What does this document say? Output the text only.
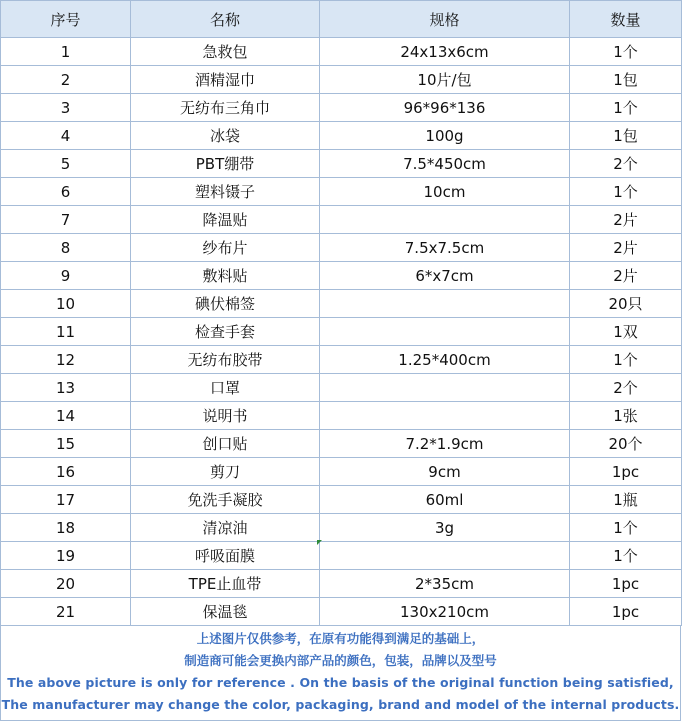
序号	名称	规格	数量
1	急救包	24x13x6cm	1个
2	酒精湿巾	10片/包	1包
3	无纺布三角巾	96*96*136	1个
4	冰袋	100g	1包
5	PBT绷带	7.5*450cm	2个
6	塑料镊子	10cm	1个
7	降温贴		2片
8	纱布片	7.5x7.5cm	2片
9	敷料贴	6*x7cm	2片
10	碘伏棉签		20只
11	检查手套		1双
12	无纺布胶带	1.25*400cm	1个
13	口罩		2个
14	说明书		1张
15	创口贴	7.2*1.9cm	20个
16	剪刀	9cm	1pc
17	免洗手凝胶	60ml	1瓶
18	清凉油	3g	1个
19	呼吸面膜		1个
20	TPE止血带	2*35cm	1pc
21	保温毯	130x210cm	1pc
上述图片仅供参考，在原有功能得到满足的基础上，
制造商可能会更换内部产品的颜色，包装，品牌以及型号
The above picture is only for reference . On the basis of the original function being satisfied,
The manufacturer may change the color, packaging, brand and model of the internal products.
